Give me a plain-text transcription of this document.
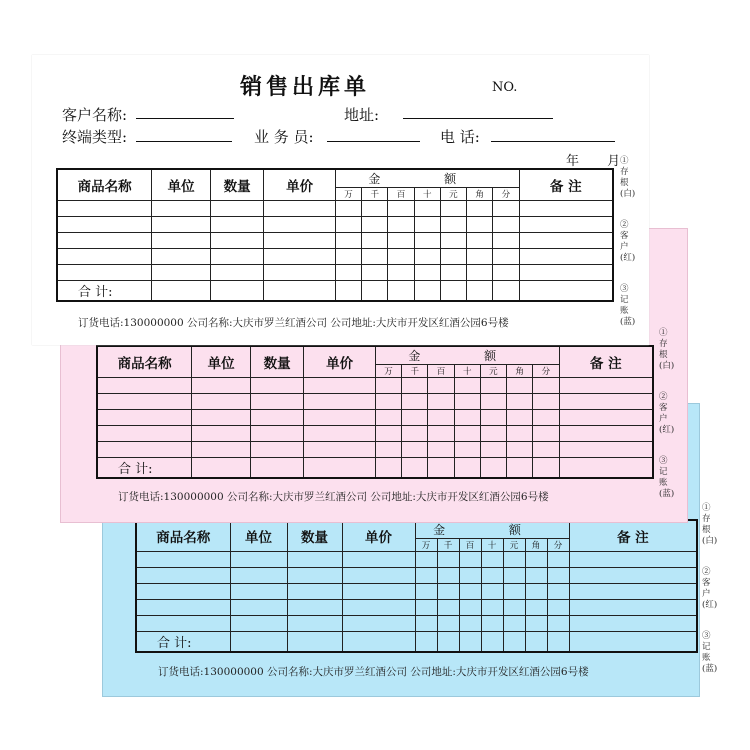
商品名称	单位	数量	单价	金 额							备 注
				万	千	百	十	元	角	分	

合 计:											
订货电话:130000000 公司名称:大庆市罗兰红酒公司 公司地址:大庆市开发区红酒公园6号楼
①存根(白)
②客户(红)
③记账(蓝)
商品名称	单位	数量	单价	金 额							备 注
				万	千	百	十	元	角	分	

合 计:											
订货电话:130000000 公司名称:大庆市罗兰红酒公司 公司地址:大庆市开发区红酒公园6号楼
①存根(白)
②客户(红)
③记账(蓝)
销售出库单	NO.
客户名称:	地址:
终端类型:	业 务 员:	电 话:
年 月
商品名称	单位	数量	单价	金 额							备 注
				万	千	百	十	元	角	分	

合 计:											
订货电话:130000000 公司名称:大庆市罗兰红酒公司 公司地址:大庆市开发区红酒公园6号楼
①存根(白)
②客户(红)
③记账(蓝)
